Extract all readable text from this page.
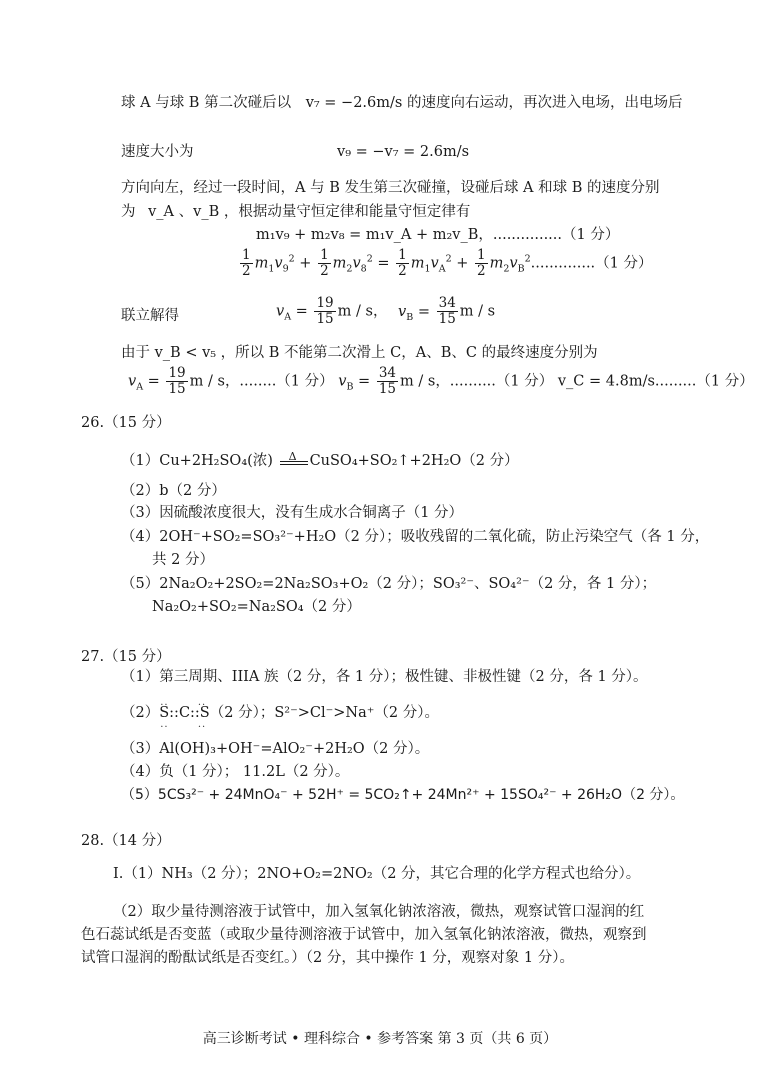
球 A 与球 B 第二次碰后以 v₇ = −2.6m/s 的速度向右运动，再次进入电场，出电场后
速度大小为	v₉ = −v₇ = 2.6m/s
方向向左，经过一段时间，A 与 B 发生第三次碰撞，设碰后球 A 和球 B 的速度分别
为 v_A 、v_B ，根据动量守恒定律和能量守恒定律有
m₁v₉ + m₂v₈ = m₁v_A + m₂v_B，...............（1 分）
$\frac{1}{2} m_1v_9^2 + \frac{1}{2} m_2v_8^2 = \frac{1}{2} m_1v_A^2 + \frac{1}{2} m_2v_B^2..............(1$ 分）
联立解得	$v_A = \frac{19}{15}$ m / s， $v_B = \frac{34}{15}$ m / s
由于 v_B < v₅ ，所以 B 不能第二次滑上 C，A、B、C 的最终速度分别为
$v_A = \frac{19}{15}$ m / s，........（1 分） $v_B = \frac{34}{15}$ m / s，..........（1 分） v_C = 4.8m/s.........（1 分）
26.（15 分）
（1）Cu+2H₂SO₄(浓) Δ CuSO₄+SO₂↑+2H₂O（2 分）
（2）b（2 分）
（3）因硫酸浓度很大，没有生成水合铜离子（1 分）
（4）2OH⁻+SO₂=SO₃²⁻+H₂O（2 分）；吸收残留的二氧化硫，防止污染空气（各 1 分，
共 2 分）
（5）2Na₂O₂+2SO₂=2Na₂SO₃+O₂（2 分）；SO₃²⁻、SO₄²⁻（2 分，各 1 分）；
Na₂O₂+SO₂=Na₂SO₄（2 分）
27.（15 分）
（1）第三周期、IIIA 族（2 分，各 1 分）；极性键、非极性键（2 分，各 1 分）。
（2）
..       ..
S::C::S
..       ..
（2 分）；S²⁻>Cl⁻>Na⁺（2 分）。
（3）Al(OH)₃+OH⁻=AlO₂⁻+2H₂O（2 分）。
（4）负（1 分）； 11.2L（2 分）。
（5）5CS₃²⁻ + 24MnO₄⁻ + 52H⁺ = 5CO₂↑+ 24Mn²⁺ + 15SO₄²⁻ + 26H₂O（2 分）。
28.（14 分）
I.（1）NH₃（2 分）；2NO+O₂=2NO₂（2 分，其它合理的化学方程式也给分）。
（2）取少量待测溶液于试管中，加入氢氧化钠浓溶液，微热，观察试管口湿润的红
色石蕊试纸是否变蓝（或取少量待测溶液于试管中，加入氢氧化钠浓溶液，微热，观察到
试管口湿润的酚酞试纸是否变红。）（2 分，其中操作 1 分，观察对象 1 分）。
高三诊断考试 • 理科综合 • 参考答案 第 3 页（共 6 页）
